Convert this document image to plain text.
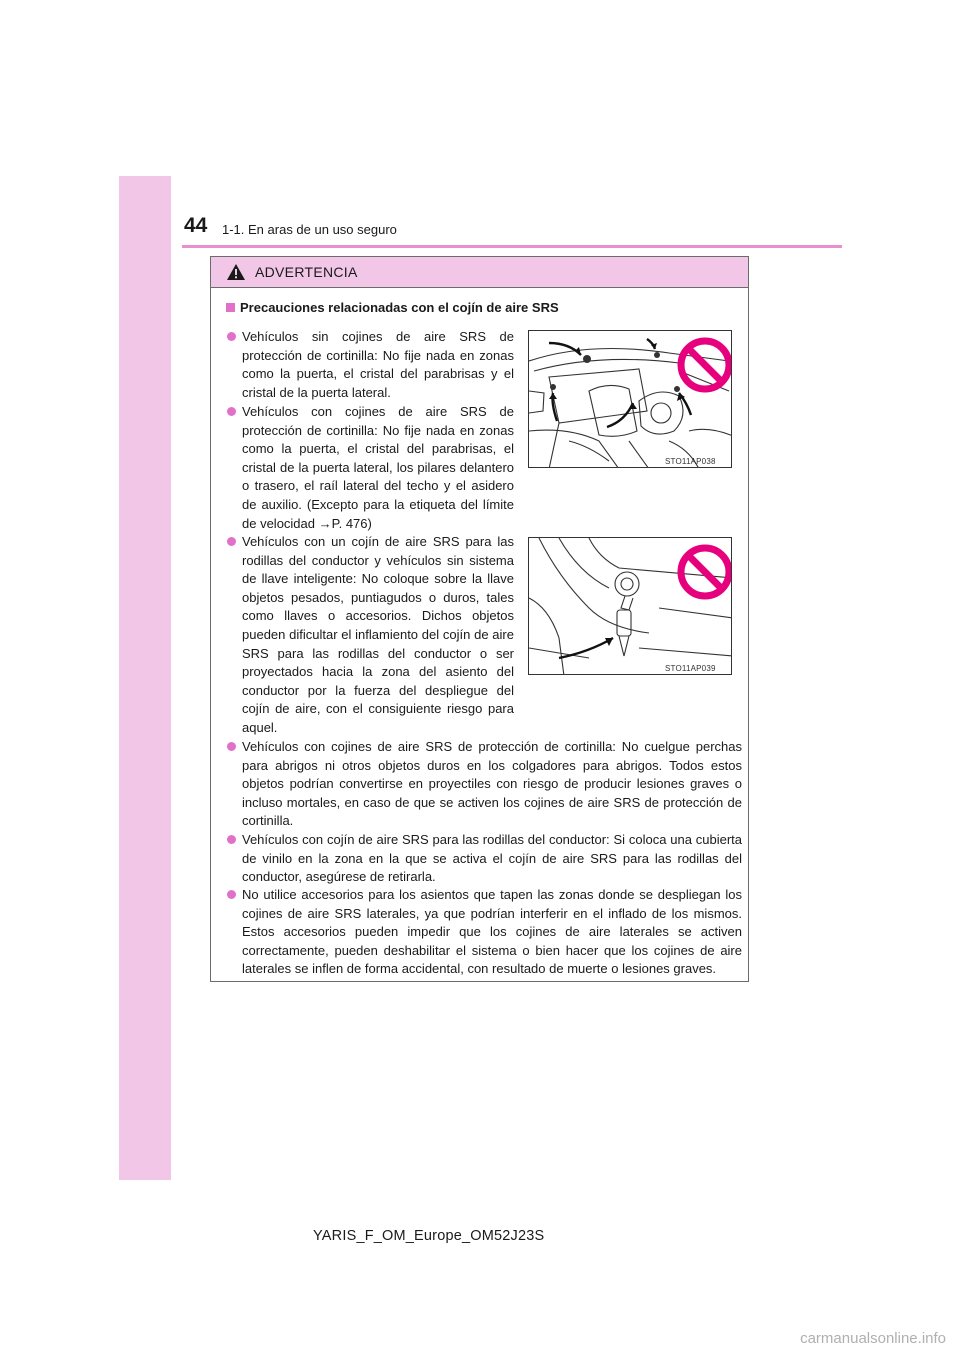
44 1-1. En aras de un uso seguro
ADVERTENCIA
Precauciones relacionadas con el cojín de aire SRS
Vehículos sin cojines de aire SRS de protección de cortinilla: No fije nada en zonas como la puerta, el cristal del parabrisas y el cristal de la puerta lateral.
Vehículos con cojines de aire SRS de protección de cortinilla: No fije nada en zonas como la puerta, el cristal del parabrisas, el cristal de la puerta lateral, los pilares delantero o trasero, el raíl lateral del techo y el asidero de auxilio. (Excepto para la etiqueta del límite de velocidad →P. 476)
Vehículos con un cojín de aire SRS para las rodillas del conductor y vehículos sin sistema de llave inteligente: No coloque sobre la llave objetos pesados, puntiagudos o duros, tales como llaves o accesorios. Dichos objetos pueden dificultar el inflamiento del cojín de aire SRS para las rodillas del conductor o ser proyectados hacia la zona del asiento del conductor por la fuerza del despliegue del cojín de aire, con el consiguiente riesgo para aquel.
Vehículos con cojines de aire SRS de protección de cortinilla: No cuelgue perchas para abrigos ni otros objetos duros en los colgadores para abrigos. Todos estos objetos podrían convertirse en proyectiles con riesgo de producir lesiones graves o incluso mortales, en caso de que se activen los cojines de aire SRS de protección de cortinilla.
Vehículos con cojín de aire SRS para las rodillas del conductor: Si coloca una cubierta de vinilo en la zona en la que se activa el cojín de aire SRS para las rodillas del conductor, asegúrese de retirarla.
No utilice accesorios para los asientos que tapen las zonas donde se despliegan los cojines de aire SRS laterales, ya que podrían interferir en el inflado de los mismos. Estos accesorios pueden impedir que los cojines de aire laterales se activen correctamente, pueden deshabilitar el sistema o bien hacer que los cojines de aire laterales se inflen de forma accidental, con resultado de muerte o lesiones graves.
STO11AP038
STO11AP039
YARIS_F_OM_Europe_OM52J23S
carmanualsonline.info
